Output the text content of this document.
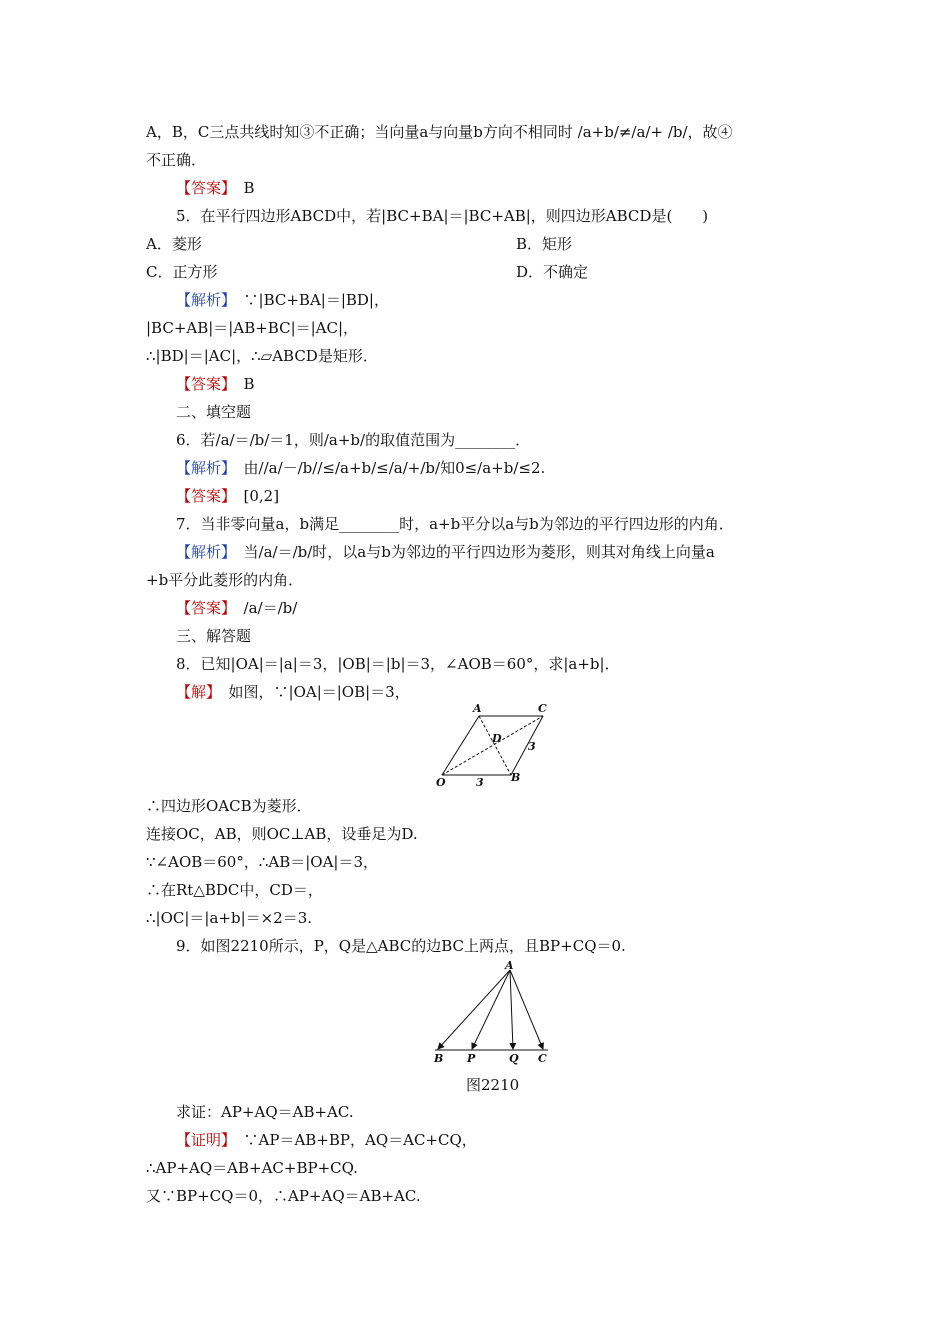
A，B，C三点共线时知③不正确；当向量a与向量b方向不相同时 /a+b/≠/a/+ /b/，故④
不正确．
【答案】　B
5．在平行四边形ABCD中，若|BC+BA|＝|BC+AB|，则四边形ABCD是(　　)
A．菱形	B．矩形
C．正方形	D．不确定
【解析】　∵|BC+BA|＝|BD|，
|BC+AB|＝|AB+BC|＝|AC|，
∴|BD|＝|AC|，∴▱ABCD是矩形．
【答案】　B
二、填空题
6．若/a/＝/b/＝1，则/a+b/的取值范围为________．
【解析】　由//a/－/b//≤/a+b/≤/a/+/b/知0≤/a+b/≤2.
【答案】　[0,2]
7．当非零向量a，b满足________时，a+b平分以a与b为邻边的平行四边形的内角．
【解析】　当/a/＝/b/时，以a与b为邻边的平行四边形为菱形，则其对角线上向量a
+b平分此菱形的内角．
【答案】　/a/＝/b/
三、解答题
8．已知|OA|＝|a|＝3，|OB|＝|b|＝3，∠AOB＝60°，求|a+b|．
【解】　如图，∵|OA|＝|OB|＝3，
A	C
D
3
O	3 B
∴四边形OACB为菱形．
连接OC，AB，则OC⊥AB，设垂足为D.
∵∠AOB＝60°，∴AB＝|OA|＝3，
∴在Rt△BDC中，CD＝，
∴|OC|＝|a+b|＝×2＝3.
9．如图2210所示，P，Q是△ABC的边BC上两点，且BP+CQ＝0.
A
B P	Q C
图2210
求证：AP+AQ＝AB+AC.
【证明】　∵AP＝AB+BP，AQ＝AC+CQ，
∴AP+AQ＝AB+AC+BP+CQ.
又∵BP+CQ＝0，∴AP+AQ＝AB+AC.
